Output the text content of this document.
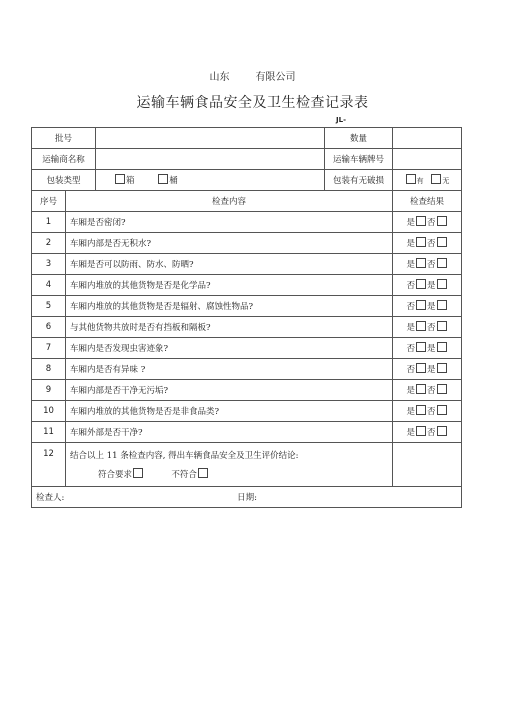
山东	有限公司
运输车辆食品安全及卫生检查记录表
JL-
批号			数量	
运输商名称			运输车辆牌号	
包装类型		箱 桶	包装有无破损	有 无
序号	检查内容			检查结果
1	车厢是否密闭?			是 否
2	车厢内部是否无积水?			是 否
3	车厢是否可以防雨、防水、防晒?			是 否
4	车厢内堆放的其他货物是否是化学品?			否 是
5	车厢内堆放的其他货物是否是辐射、腐蚀性物品?			否 是
6	与其他货物共放时是否有挡板和隔板?			是 否
7	车厢内是否发现虫害迹象?			否 是
8	车厢内是否有异味 ?			否 是
9	车厢内部是否干净无污垢?			是 否
10	车厢内堆放的其他货物是否是非食品类?			是 否
11	车厢外部是否干净?			是 否
12	结合以上 11 条检查内容, 得出车辆食品安全及卫生评价结论:
符合要求 不符合			

检查人: 日期:				
